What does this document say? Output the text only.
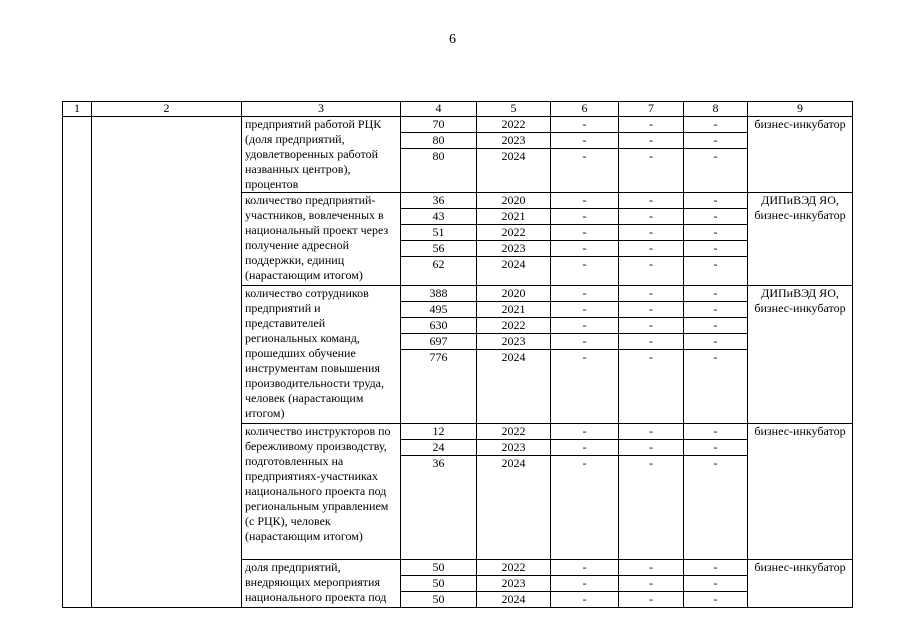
6
1	2	3	4	5	6	7	8	9
		предприятий работой РЦК (доля предприятий, удовлетворенных работой названных центров), процентов	70	2022	-	-	-	бизнес-инкубатор
			80	2023	-	-	-	
			80	2024	-	-	-	
		количество предприятий-участников, вовлеченных в национальный проект через получение адресной поддержки, единиц (нарастающим итогом)	36	2020	-	-	-	ДИПиВЭД ЯО, бизнес-инкубатор
			43	2021	-	-	-	
			51	2022	-	-	-	
			56	2023	-	-	-	
			62	2024	-	-	-	
		количество сотрудников предприятий и представителей региональных команд, прошедших обучение инструментам повышения производительности труда, человек (нарастающим итогом)	388	2020	-	-	-	ДИПиВЭД ЯО, бизнес-инкубатор
			495	2021	-	-	-	
			630	2022	-	-	-	
			697	2023	-	-	-	
			776	2024	-	-	-	
		количество инструкторов по бережливому производству, подготовленных на предприятиях-участниках национального проекта под региональным управлением (с РЦК), человек (нарастающим итогом)	12	2022	-	-	-	бизнес-инкубатор
			24	2023	-	-	-	
			36	2024	-	-	-	
		доля предприятий, внедряющих мероприятия национального проекта под	50	2022	-	-	-	бизнес-инкубатор
			50	2023	-	-	-	
			50	2024	-	-	-	
